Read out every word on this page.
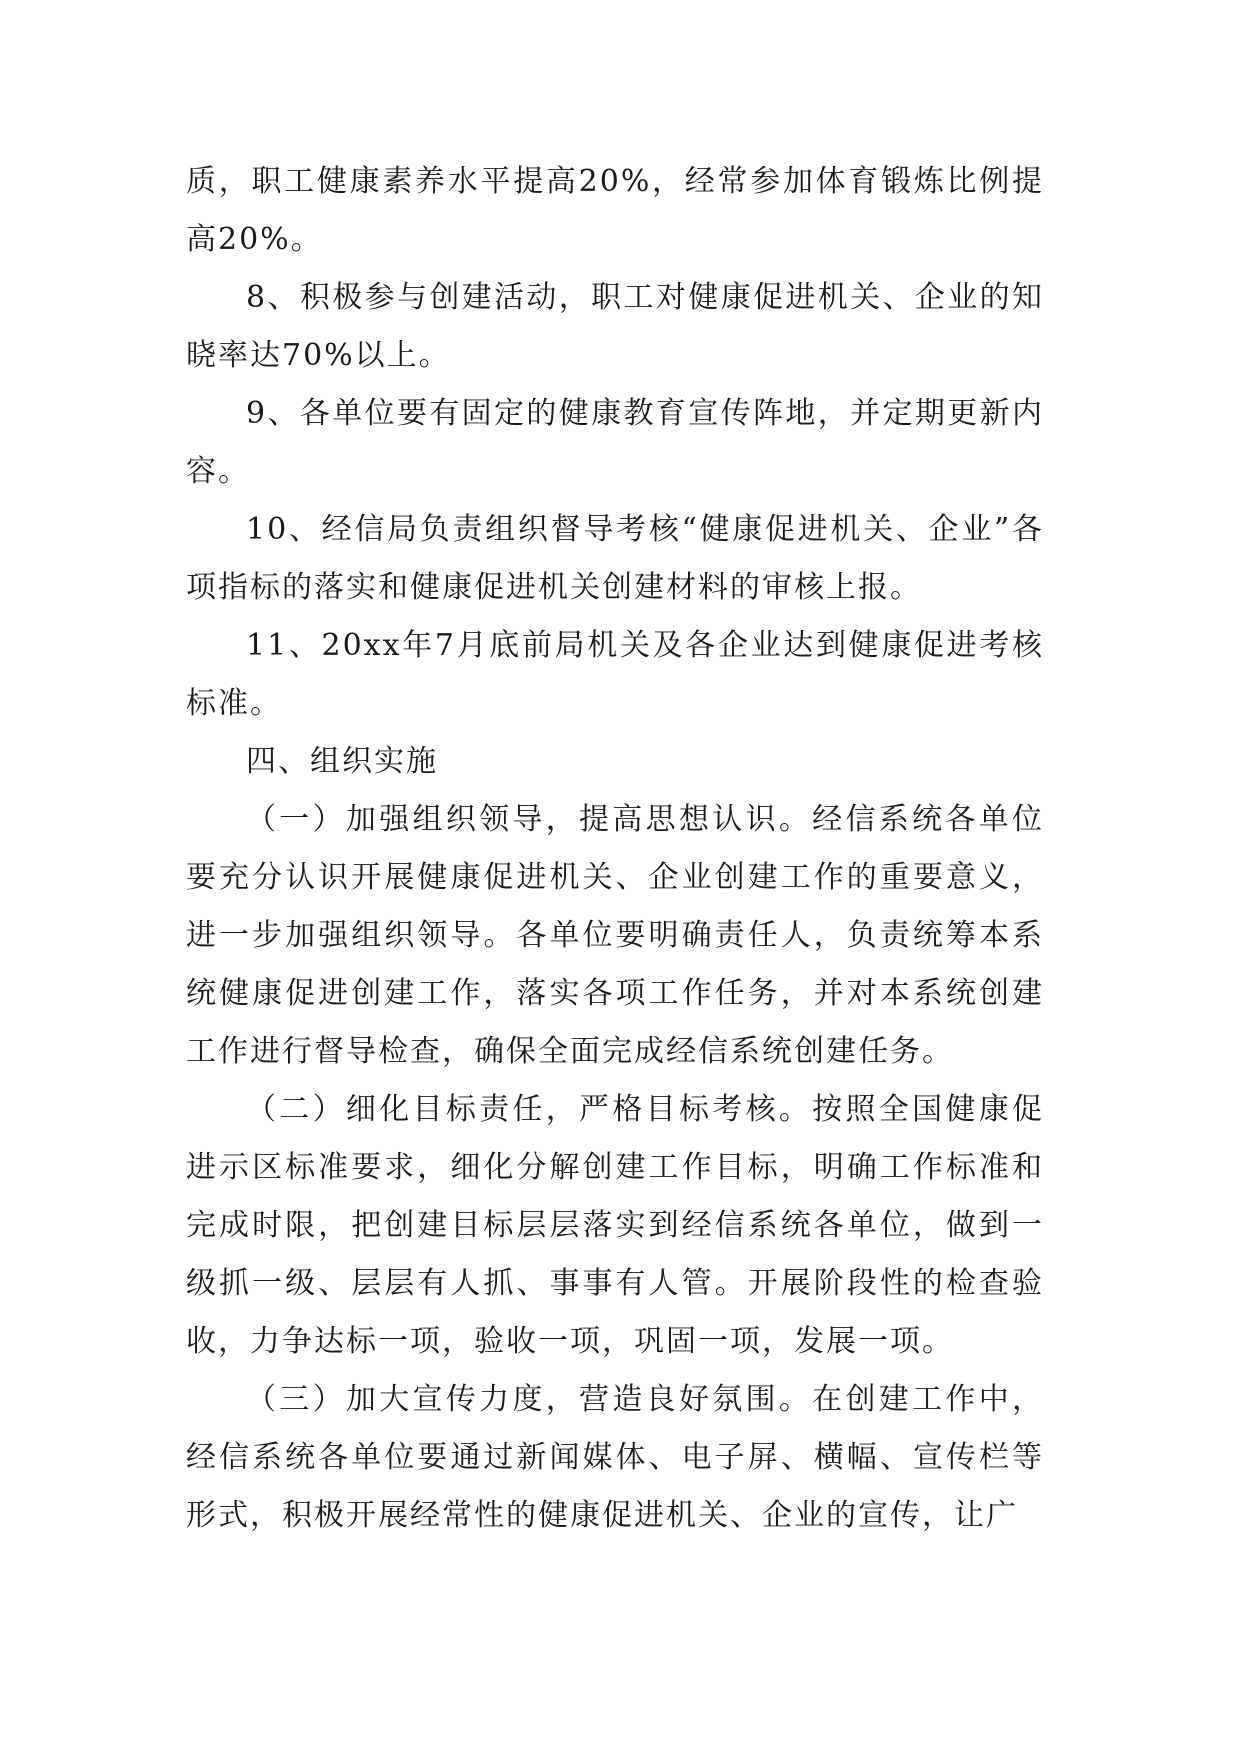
质，职工健康素养水平提高20%，经常参加体育锻炼比例提高20%。

8、积极参与创建活动，职工对健康促进机关、企业的知晓率达70%以上。

9、各单位要有固定的健康教育宣传阵地，并定期更新内容。

10、经信局负责组织督导考核“健康促进机关、企业”各项指标的落实和健康促进机关创建材料的审核上报。

11、20xx年7月底前局机关及各企业达到健康促进考核标准。

四、组织实施

（一）加强组织领导，提高思想认识。经信系统各单位要充分认识开展健康促进机关、企业创建工作的重要意义，进一步加强组织领导。各单位要明确责任人，负责统筹本系统健康促进创建工作，落实各项工作任务，并对本系统创建工作进行督导检查，确保全面完成经信系统创建任务。

（二）细化目标责任，严格目标考核。按照全国健康促进示区标准要求，细化分解创建工作目标，明确工作标准和完成时限，把创建目标层层落实到经信系统各单位，做到一级抓一级、层层有人抓、事事有人管。开展阶段性的检查验收，力争达标一项，验收一项，巩固一项，发展一项。

（三）加大宣传力度，营造良好氛围。在创建工作中，经信系统各单位要通过新闻媒体、电子屏、横幅、宣传栏等形式，积极开展经常性的健康促进机关、企业的宣传，让广
